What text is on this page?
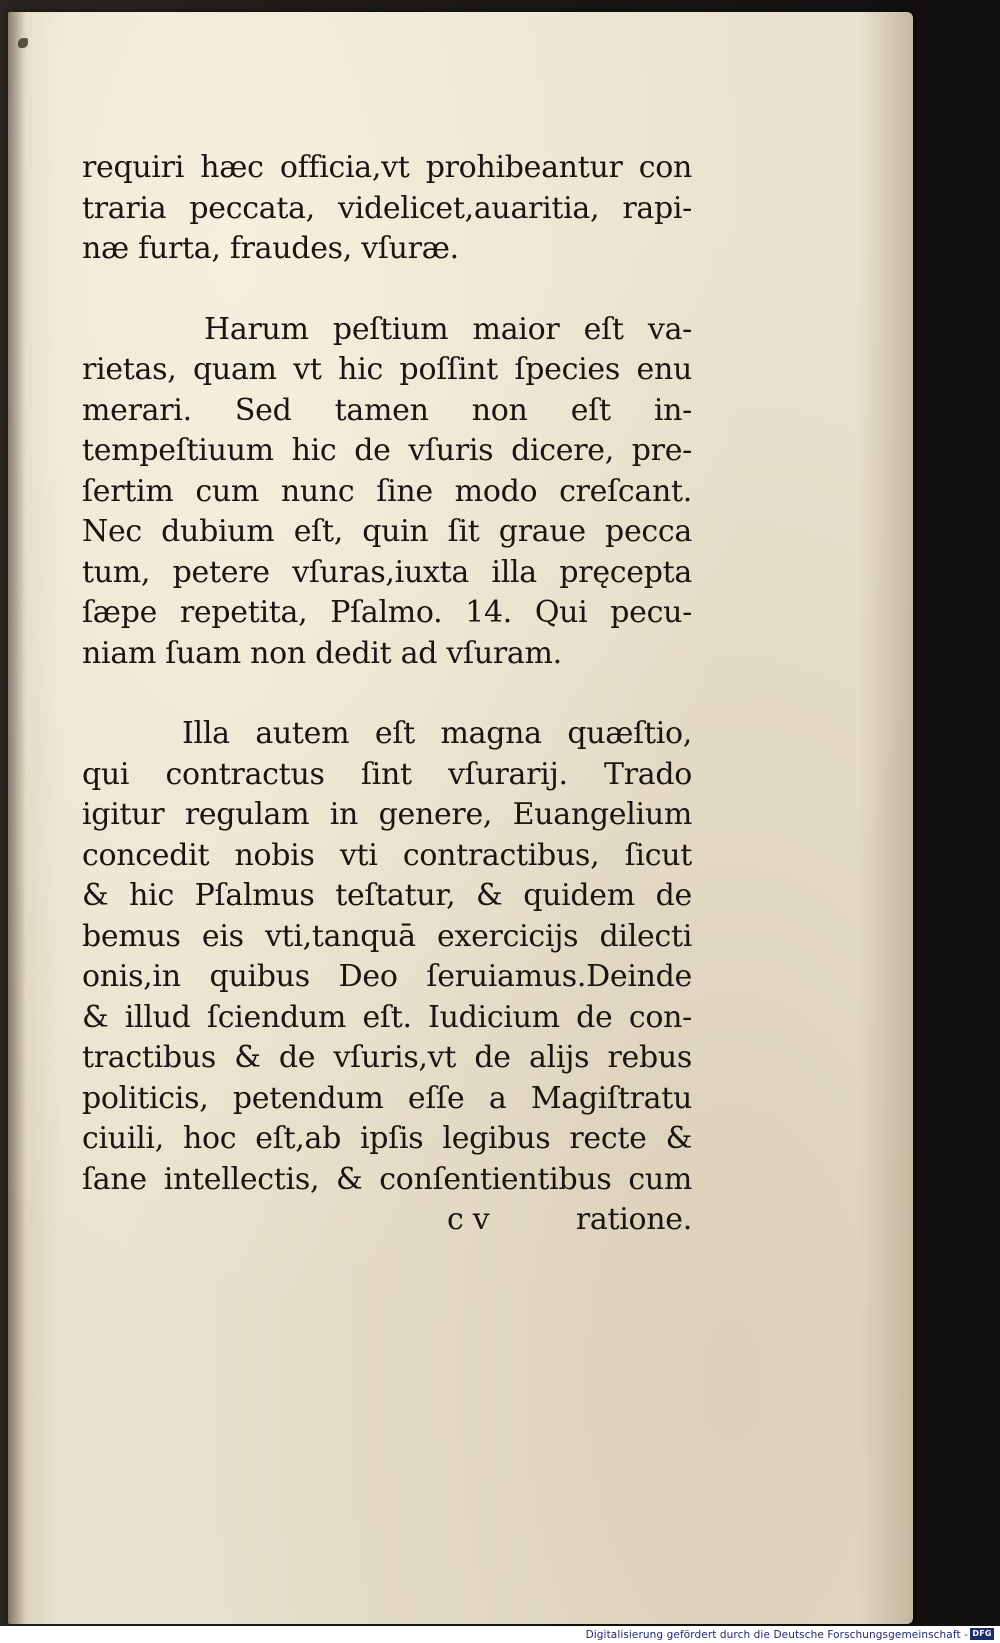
requiri hæc officia,vt prohibeantur con
traria peccata, videlicet,auaritia, rapi-
næ furta, fraudes, vſuræ.

Harum peſtium maior eſt va-
rietas, quam vt hic poſſint ſpecies enu
merari. Sed tamen non eſt in-
tempeſtiuum hic de vſuris dicere, pre-
ſertim cum nunc ſine modo creſcant.
Nec dubium eſt, quin ſit graue pecca
tum, petere vſuras,iuxta illa pręcepta
ſæpe repetita, Pſalmo. 14. Qui pecu-
niam ſuam non dedit ad vſuram.

Illa autem eſt magna quæſtio,
qui contractus ſint vſurarij. Trado
igitur regulam in genere, Euangelium
concedit nobis vti contractibus, ſicut
& hic Pſalmus teſtatur, & quidem de
bemus eis vti,tanquā exercicijs dilecti
onis,in quibus Deo ſeruiamus.Deinde
& illud ſciendum eſt. Iudicium de con-
tractibus & de vſuris,vt de alijs rebus
politicis, petendum eſſe a Magiſtratu
ciuili, hoc eſt,ab ipſis legibus recte &
ſane intellectis, & conſentientibus cum

c v	ratione.
Digitalisierung gefördert durch die Deutsche Forschungsgemeinschaft - DFG
